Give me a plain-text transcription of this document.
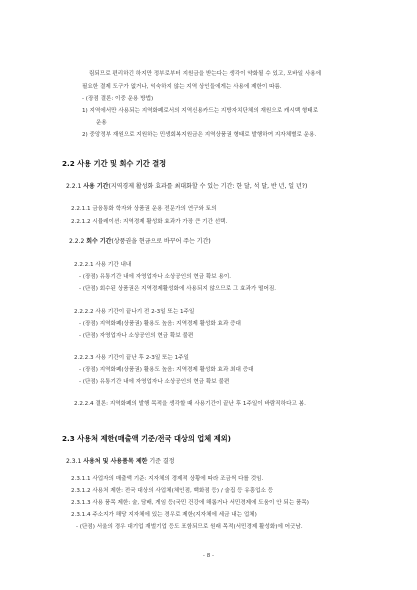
림되므로 편리하긴 하지만 정부로부터 지원금을 받는다는 생각이 약화될 수 있고, 모바일 사용에
필요한 결제 도구가 없거나, 익숙하지 않는 지역 상인들에게는 사용에 제한이 따름.
- (장점 결론: 이중 운용 방법)
1) 지역에서만 사용되는 지역화폐로서의 지역신용카드는 지방자치단체의 재원으로 캐시백 형태로
운용
2) 중앙정부 재원으로 지원하는 민생회복지원금은 지역상품권 형태로 발행하여 지자체별로 운용.
2.2 사용 기간 및 회수 기간 결정
2.2.1 사용 기간(지역경제 활성화 효과를 최대화할 수 있는 기간: 한 달, 석 달, 반 년, 일 년?)
2.2.1.1 금융통화 학자와 상품권 운용 전문가의 연구와 토의
2.2.1.2 시뮬레이션: 지역경제 활성화 효과가 가장 큰 기간 선택.
2.2.2 회수 기간(상품권을 현금으로 바꾸어 주는 기간)
2.2.2.1 사용 기간 내내
- (장점) 유통기간 내에 자영업자나 소상공인의 현금 확보 용이.
- (단점) 회수된 상품권은 지역경제활성화에 사용되지 않으므로 그 효과가 떨어짐.
2.2.2.2 사용 기간이 끝나기 전 2-3일 또는 1주일
- (장점) 지역화폐(상품권) 활용도 높음: 지역경제 활성화 효과 증대
- (단점) 자영업자나 소상공인의 현금 확보 불편
2.2.2.3 사용 기간이 끝난 후 2-3일 또는 1주일
- (장점) 지역화폐(상품권) 활용도 높음: 지역경제 활성화 효과 최대 증대
- (단점) 유통기간 내에 자영업자나 소상공인의 현금 확보 불편
2.2.2.4 결론: 지역화폐의 발행 목적을 생각할 때 사용기간이 끝난 후 1주일이 바람직하다고 봄.
2.3 사용처 제한(매출액 기준/전국 대상의 업체 제외)
2.3.1 사용처 및 사용품목 제한 기준 결정
2.3.1.1 사업자의 매출액 기준: 지자체의 경제적 상황에 따라 조금씩 다를 것임.
2.3.1.2 사용처 제한: 전국 대상의 사업체(체인점, 백화점 등) / 술집 등 유흥업소 등
2.3.1.3 사용 품목 제한: 술, 담배, 게임 등(국민 건강에 해롭거나 서민경제에 도움이 안 되는 품목)
2.3.1.4 주소지가 해당 지자체에 있는 경우로 제한(지자체에 세금 내는 업체)
- (단점) 서울의 경우 대기업 재벌기업 등도 포함되므로 원래 목적(서민경제 활성화)에 어긋남.
- 8 -
